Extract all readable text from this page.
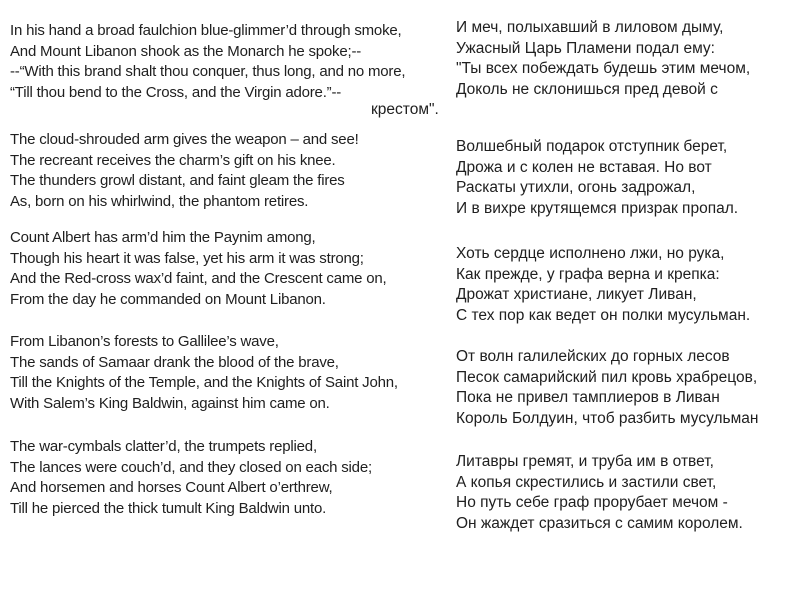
In his hand a broad faulchion blue-glimmer’d through smoke,
And Mount Libanon shook as the Monarch he spoke;--
--“With this brand shalt thou conquer, thus long, and no more,
“Till thou bend to the Cross, and the Virgin adore.”--
The cloud-shrouded arm gives the weapon – and see!
The recreant receives the charm’s gift on his knee.
The thunders growl distant, and faint gleam the fires
As, born on his whirlwind, the phantom retires.
Count Albert has arm’d him the Paynim among,
Though his heart it was false, yet his arm it was strong;
And the Red-cross wax’d faint, and the Crescent came on,
From the day he commanded on Mount Libanon.
From Libanon’s forests to Gallilee’s wave,
The sands of Samaar drank the blood of the brave,
Till the Knights of the Temple, and the Knights of Saint John,
With Salem’s King Baldwin, against him came on.
The war-cymbals clatter’d, the trumpets replied,
The lances were couch’d, and they closed on each side;
And horsemen and horses Count Albert o’erthrew,
Till he pierced the thick tumult King Baldwin unto.
И меч, полыхавший в лиловом дыму,
Ужасный Царь Пламени подал ему:
"Ты всех побеждать будешь этим мечом,
Доколь не склонишься пред девой с
крестом".
Волшебный подарок отступник берет,
Дрожа и с колен не вставая. Но вот
Раскаты утихли, огонь задрожал,
И в вихре крутящемся призрак пропал.
Хоть сердце исполнено лжи, но рука,
Как прежде, у графа верна и крепка:
Дрожат христиане, ликует Ливан,
С тех пор как ведет он полки мусульман.
От волн галилейских до горных лесов
Песок самарийский пил кровь храбрецов,
Пока не привел тамплиеров в Ливан
Король Болдуин, чтоб разбить мусульман
Литавры гремят, и труба им в ответ,
А копья скрестились и застили свет,
Но путь себе граф прорубает мечом -
Он жаждет сразиться с самим королем.
